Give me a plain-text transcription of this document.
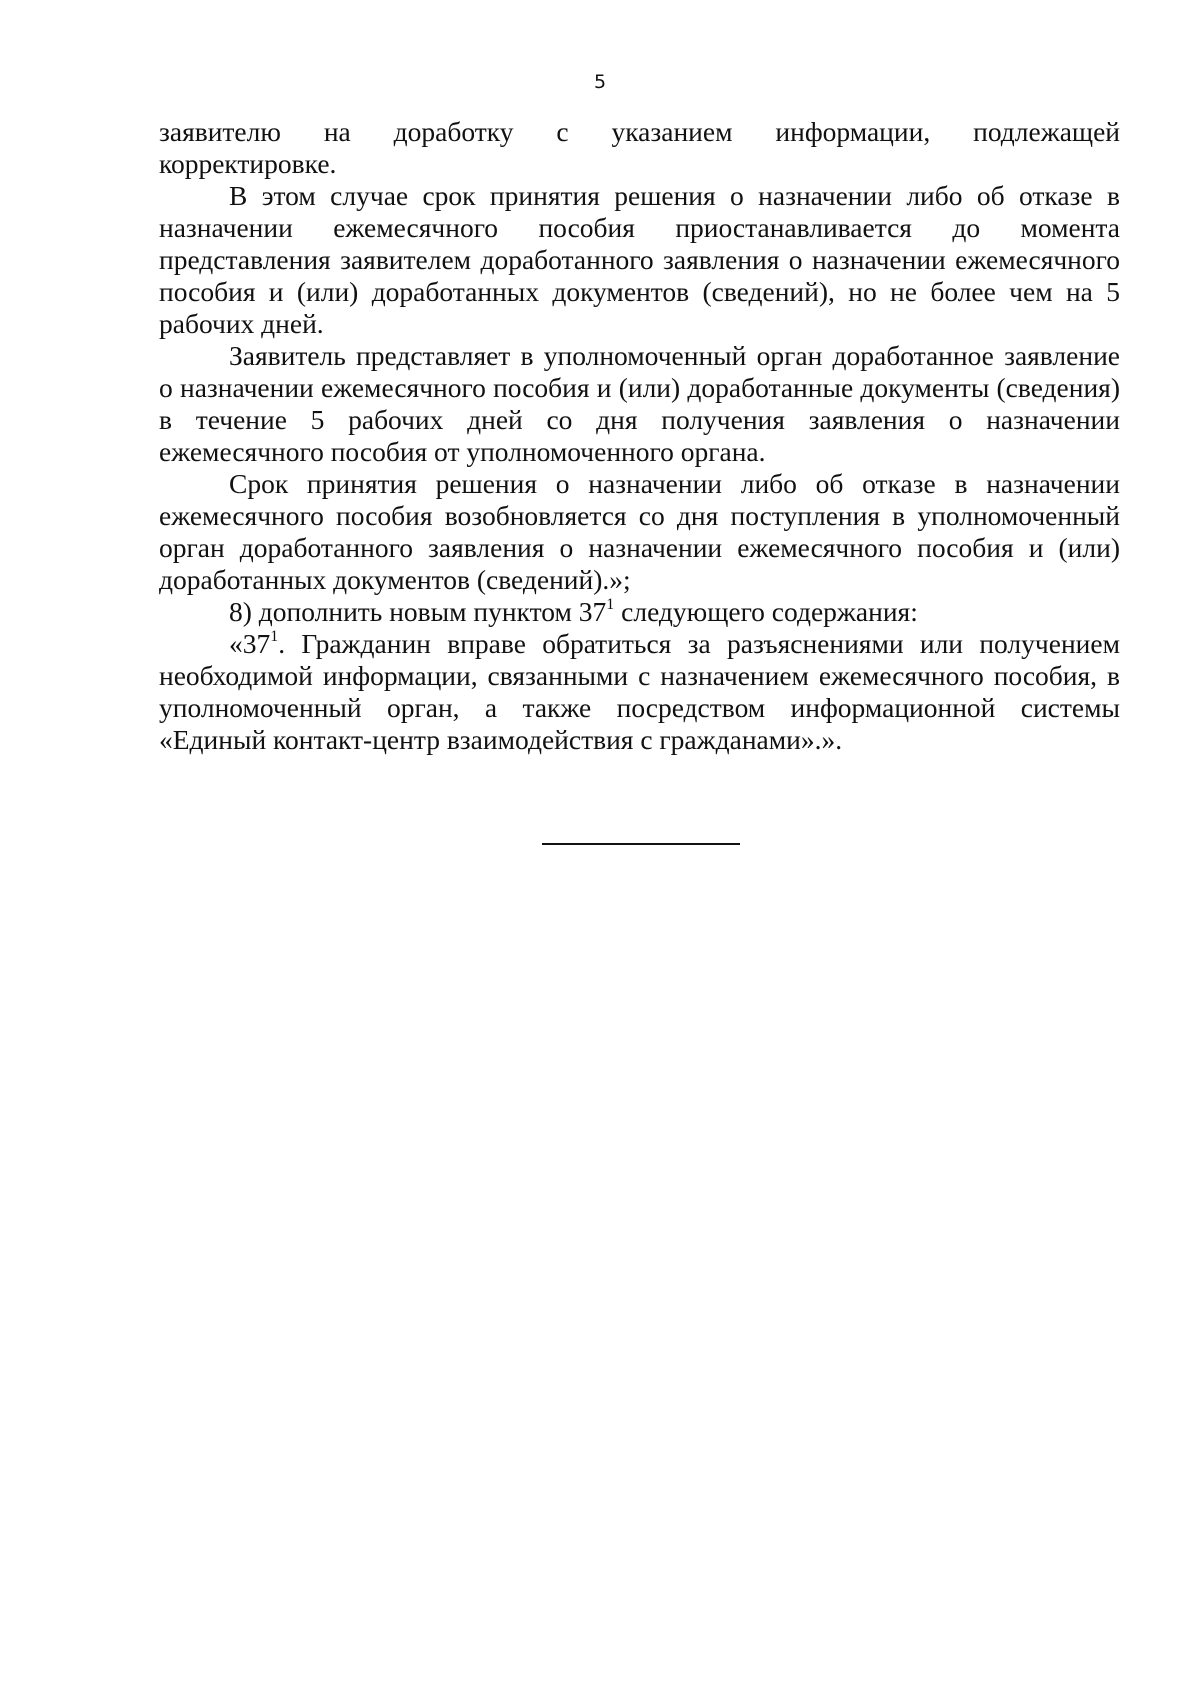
5

заявителю на доработку с указанием информации, подлежащей

корректировке.

В этом случае срок принятия решения о назначении либо об отказе в назначении ежемесячного пособия приостанавливается до момента представления заявителем доработанного заявления о назначении ежемесячного пособия и (или) доработанных документов (сведений), но не более чем на 5 рабочих дней.

Заявитель представляет в уполномоченный орган доработанное заявление о назначении ежемесячного пособия и (или) доработанные документы (сведения) в течение 5 рабочих дней со дня получения заявления о назначении ежемесячного пособия от уполномоченного органа.

Срок принятия решения о назначении либо об отказе в назначении ежемесячного пособия возобновляется со дня поступления в уполномоченный орган доработанного заявления о назначении ежемесячного пособия и (или) доработанных документов (сведений).»;

8) дополнить новым пунктом $37^1$ следующего содержания:

«$37^1$. Гражданин вправе обратиться за разъяснениями или получением необходимой информации, связанными с назначением ежемесячного пособия, в уполномоченный орган, а также посредством информационной системы «Единый контакт-центр взаимодействия с гражданами».».
